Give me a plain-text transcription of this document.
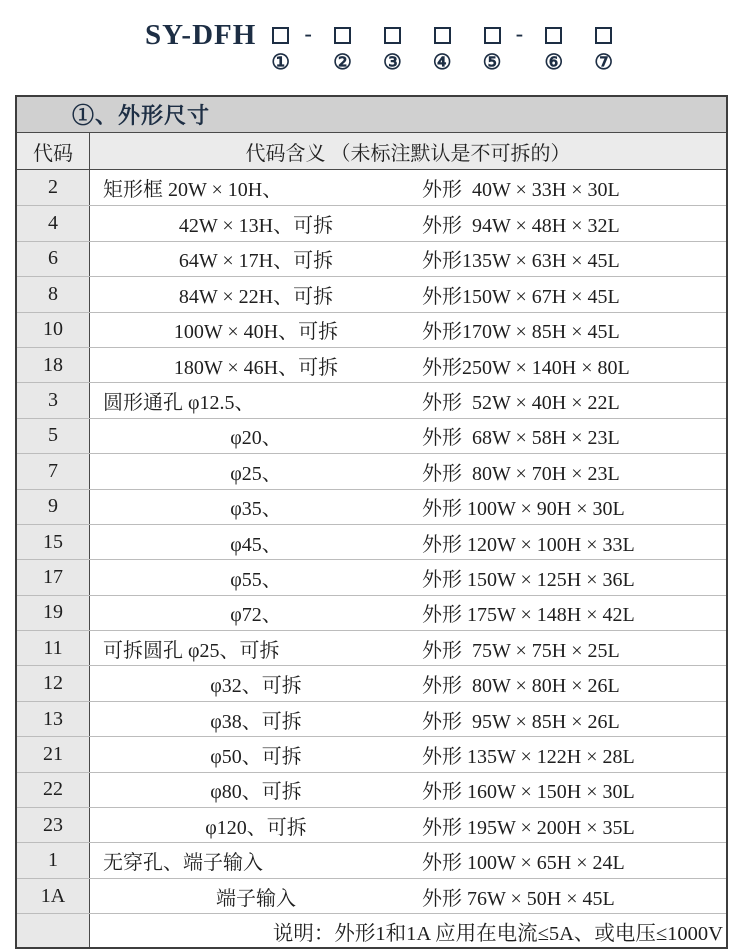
SY-DFH

①
-

② ③ ④ ⑤
-

⑥ ⑦
①、外形尺寸
代码	代码含义 （未标注默认是不可拆的）
2	矩形框 20W × 10H、	外形  40W × 33H × 30L
4	42W × 13H、可拆	外形  94W × 48H × 32L
6	64W × 17H、可拆	外形135W × 63H × 45L
8	84W × 22H、可拆	外形150W × 67H × 45L
10	100W × 40H、可拆	外形170W × 85H × 45L
18	180W × 46H、可拆	外形250W × 140H × 80L
3	圆形通孔 φ12.5、	外形  52W × 40H × 22L
5	φ20、	外形  68W × 58H × 23L
7	φ25、	外形  80W × 70H × 23L
9	φ35、	外形 100W × 90H × 30L
15	φ45、	外形 120W × 100H × 33L
17	φ55、	外形 150W × 125H × 36L
19	φ72、	外形 175W × 148H × 42L
11	可拆圆孔 φ25、可拆	外形  75W × 75H × 25L
12	φ32、可拆	外形  80W × 80H × 26L
13	φ38、可拆	外形  95W × 85H × 26L
21	φ50、可拆	外形 135W × 122H × 28L
22	φ80、可拆	外形 160W × 150H × 30L
23	φ120、可拆	外形 195W × 200H × 35L
1	无穿孔、端子输入	外形 100W × 65H × 24L
1A	端子输入	外形 76W × 50H × 45L
说明：外形1和1A 应用在电流≤5A、或电压≤1000V
